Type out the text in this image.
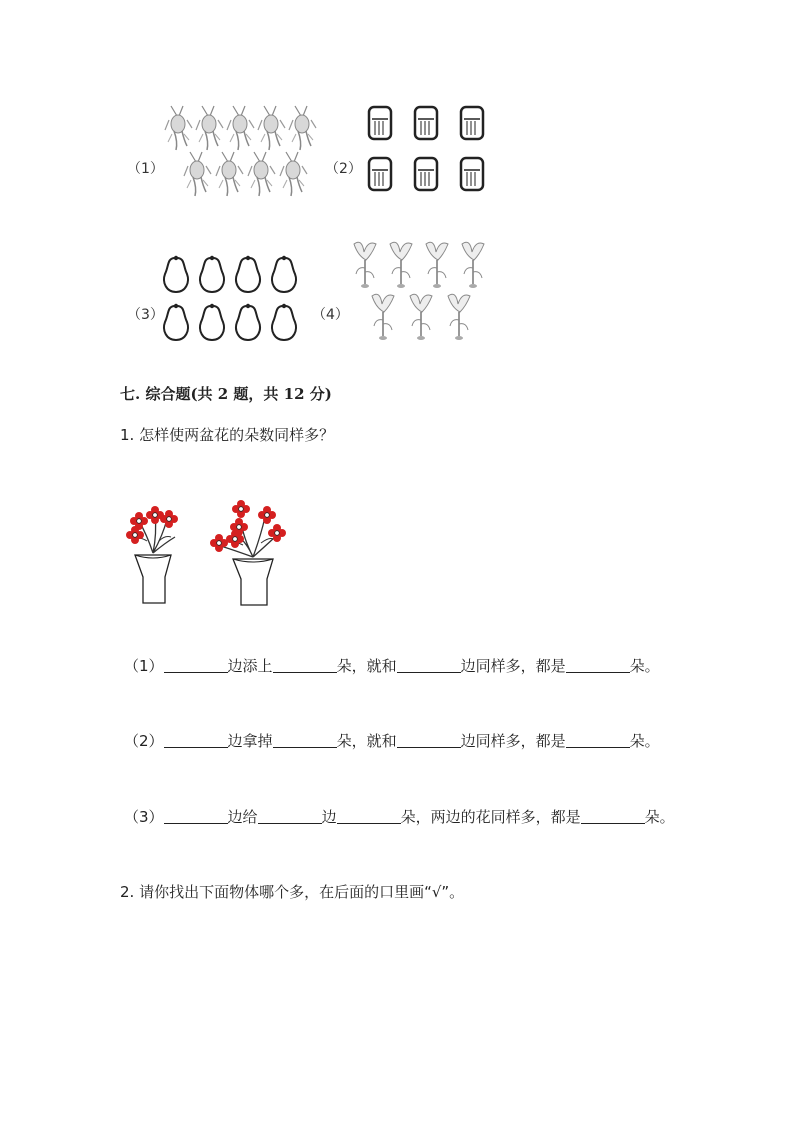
（1）	（2）
（3）	（4）
七. 综合题(共 2 题，共 12 分)
1. 怎样使两盆花的朵数同样多？
（1）	边添上	朵，就和	边同样多，都是	朵。
（2）	边拿掉	朵，就和	边同样多，都是	朵。
（3）	边给	边	朵，两边的花同样多，都是	朵。
2. 请你找出下面物体哪个多，在后面的口里画“√”。
